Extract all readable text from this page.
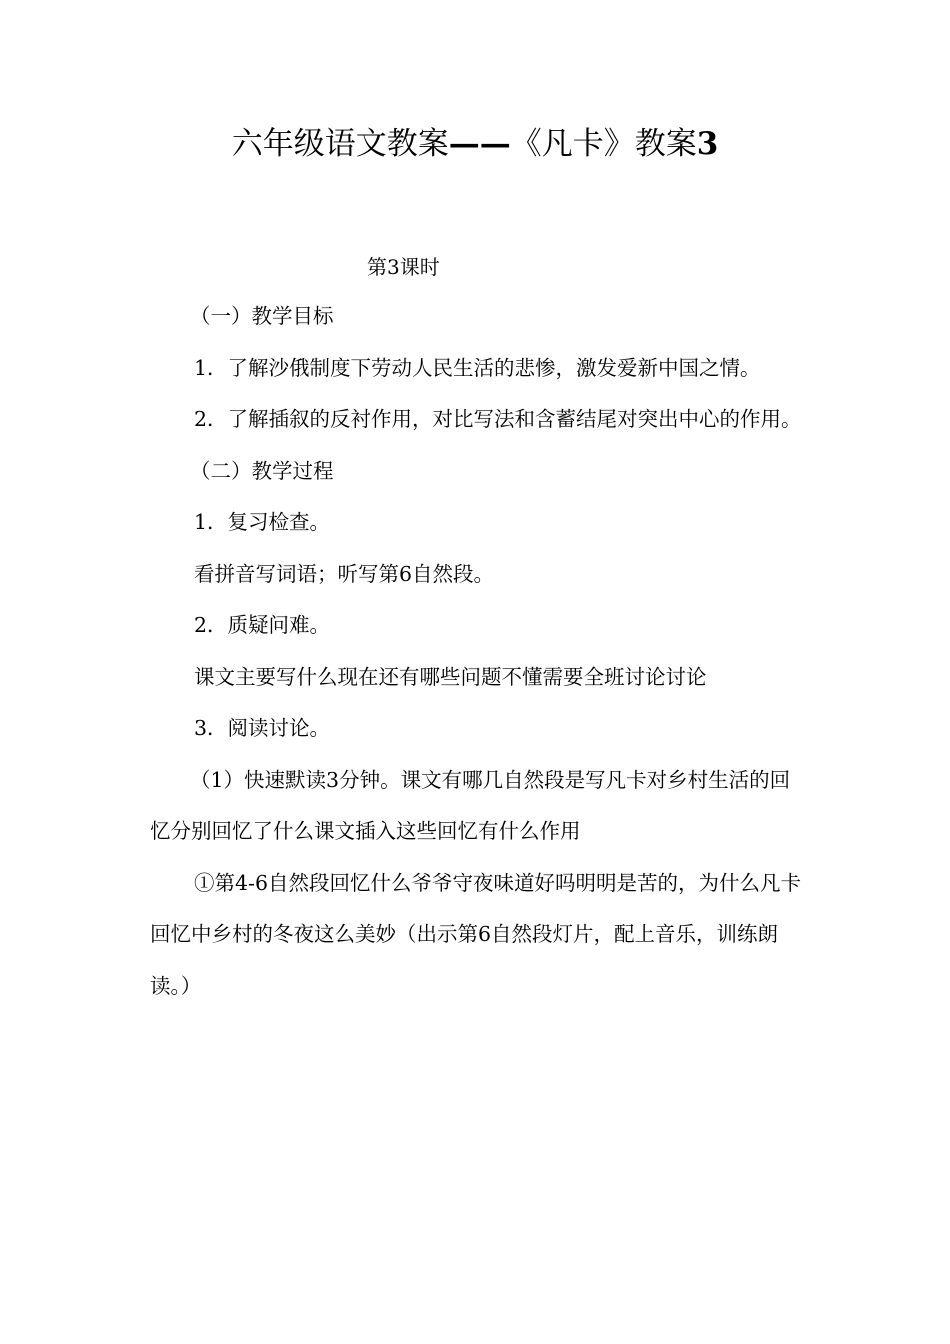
六年级语文教案——《凡卡》教案3
第3课时

（一）教学目标

1．了解沙俄制度下劳动人民生活的悲惨，激发爱新中国之情。

2．了解插叙的反衬作用，对比写法和含蓄结尾对突出中心的作用。

（二）教学过程

1．复习检查。

看拼音写词语；听写第6自然段。

2．质疑问难。

课文主要写什么现在还有哪些问题不懂需要全班讨论讨论

3．阅读讨论。

（1）快速默读3分钟。课文有哪几自然段是写凡卡对乡村生活的回忆分别回忆了什么课文插入这些回忆有什么作用

①第4-6自然段回忆什么爷爷守夜味道好吗明明是苦的，为什么凡卡回忆中乡村的冬夜这么美妙（出示第6自然段灯片，配上音乐，训练朗读。）
